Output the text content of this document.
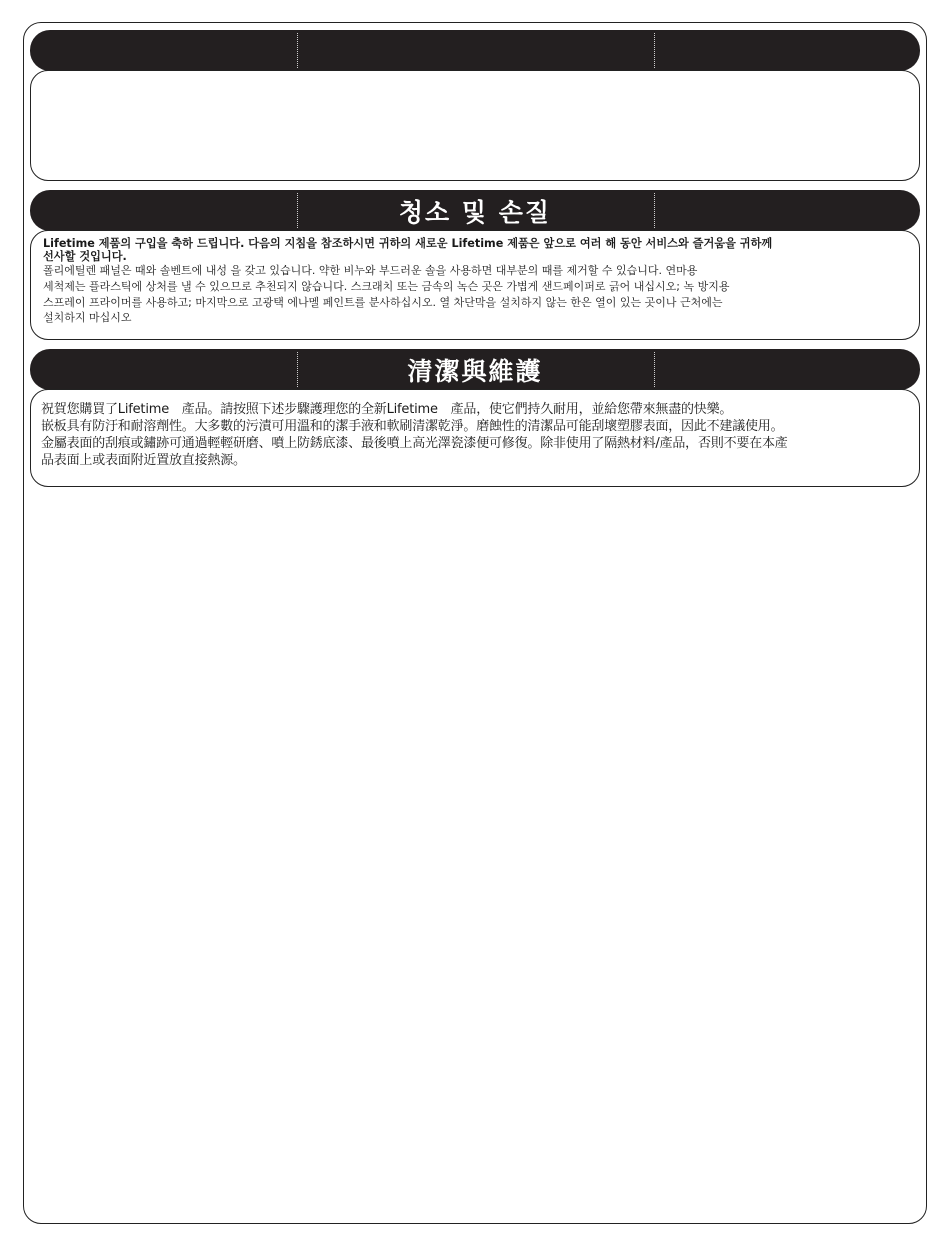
청소 및 손질
Lifetime 제품의 구입을 축하 드립니다. 다음의 지침을 참조하시면 귀하의 새로운 Lifetime 제품은 앞으로 여러 해 동안 서비스와 즐거움을 귀하께
선사할 것입니다.
폴리에틸렌 패널은 때와 솔벤트에 내성 을 갖고 있습니다. 약한 비누와 부드러운 솔을 사용하면 대부분의 때를 제거할 수 있습니다. 연마용
세척제는 플라스틱에 상처를 낼 수 있으므로 추천되지 않습니다. 스크래치 또는 금속의 녹슨 곳은 가볍게 샌드페이퍼로 긁어 내십시오; 녹 방지용
스프레이 프라이머를 사용하고; 마지막으로 고광택 에나멜 페인트를 분사하십시오. 열 차단막을 설치하지 않는 한은 열이 있는 곳이나 근처에는
설치하지 마십시오
清潔與維護
祝賀您購買了Lifetime　產品。請按照下述步驟護理您的全新Lifetime　產品，使它們持久耐用，並給您帶來無盡的快樂。
嵌板具有防汙和耐溶劑性。大多數的污漬可用溫和的潔手液和軟刷清潔乾淨。磨蝕性的清潔品可能刮壞塑膠表面，因此不建議使用。
金屬表面的刮痕或鏽跡可通過輕輕研磨、噴上防銹底漆、最後噴上高光澤瓷漆便可修復。除非使用了隔熱材料/產品，否則不要在本產
品表面上或表面附近置放直接熱源。
